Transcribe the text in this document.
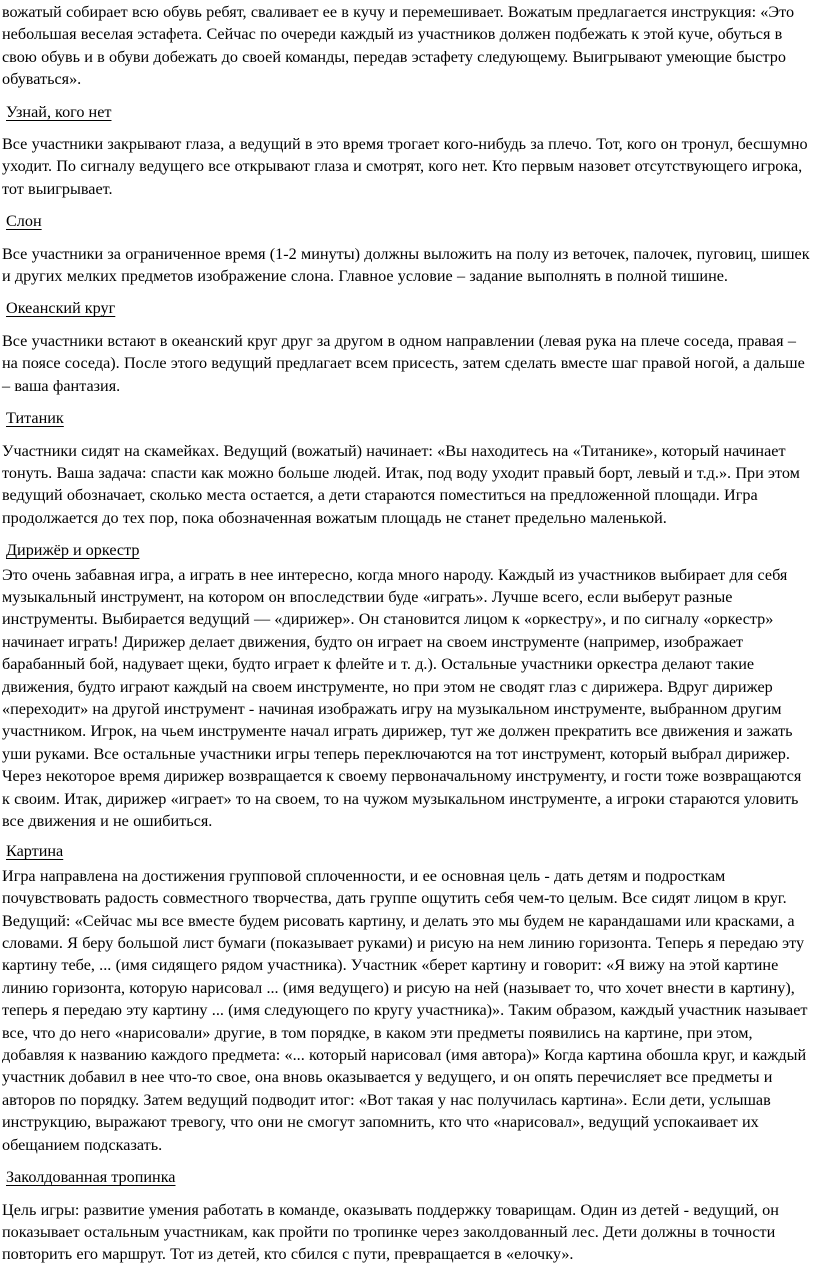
вожатый собирает всю обувь ребят, сваливает ее в кучу и перемешивает. Вожатым предлагается инструкция: «Это небольшая веселая эстафета. Сейчас по очереди каждый из участников должен подбежать к этой куче, обуться в свою обувь и в обуви добежать до своей команды, передав эстафету следующему. Выигрывают умеющие быстро обуваться».

Узнай, кого нет

Все участники закрывают глаза, а ведущий в это время трогает кого-нибудь за плечо. Тот, кого он тронул, бесшумно уходит. По сигналу ведущего все открывают глаза и смотрят, кого нет. Кто первым назовет отсутствующего игрока, тот выигрывает.

Слон

Все участники за ограниченное время (1-2 минуты) должны выложить на полу из веточек, палочек, пуговиц, шишек и других мелких предметов изображение слона. Главное условие – задание выполнять в полной тишине.

Океанский круг

Все участники встают в океанский круг друг за другом в одном направлении (левая рука на плече соседа, правая – на поясе соседа). После этого ведущий предлагает всем присесть, затем сделать вместе шаг правой ногой, а дальше – ваша фантазия.

Титаник

Участники сидят на скамейках. Ведущий (вожатый) начинает: «Вы находитесь на «Титанике», который начинает тонуть. Ваша задача: спасти как можно больше людей. Итак, под воду уходит правый борт, левый и т.д.». При этом ведущий обозначает, сколько места остается, а дети стараются поместиться на предложенной площади. Игра продолжается до тех пор, пока обозначенная вожатым площадь не станет предельно маленькой.

Дирижёр и оркестр

Это очень забавная игра, а играть в нее интересно, когда много народу. Каждый из участников выбирает для себя музыкальный инструмент, на котором он впоследствии буде «играть». Лучше всего, если выберут разные инструменты. Выбирается ведущий — «дирижер». Он становится лицом к «оркестру», и по сигналу «оркестр» начинает играть! Дирижер делает движения, будто он играет на своем инструменте (например, изображает барабанный бой, надувает щеки, будто играет к флейте и т. д.). Остальные участники оркестра делают такие движения, будто играют каждый на своем инструменте, но при этом не сводят глаз с дирижера. Вдруг дирижер «переходит» на другой инструмент - начиная изображать игру на музыкальном инструменте, выбранном другим участником. Игрок, на чьем инструменте начал играть дирижер, тут же должен прекратить все движения и зажать уши руками. Все остальные участники игры теперь переключаются на тот инструмент, который выбрал дирижер. Через некоторое время дирижер возвращается к своему первоначальному инструменту, и гости тоже возвращаются к своим. Итак, дирижер «играет» то на своем, то на чужом музыкальном инструменте, а игроки стараются уловить все движения и не ошибиться.

Картина

Игра направлена на достижения групповой сплоченности, и ее основная цель - дать детям и подросткам почувствовать радость совместного творчества, дать группе ощутить себя чем-то целым. Все сидят лицом в круг. Ведущий: «Сейчас мы все вместе будем рисовать картину, и делать это мы будем не карандашами или красками, а словами. Я беру большой лист бумаги (показывает руками) и рисую на нем линию горизонта. Теперь я передаю эту картину тебе, ... (имя сидящего рядом участника). Участник «берет картину и говорит: «Я вижу на этой картине линию горизонта, которую нарисовал ... (имя ведущего) и рисую на ней (называет то, что хочет внести в картину), теперь я передаю эту картину ... (имя следующего по кругу участника)». Таким образом, каждый участник называет все, что до него «нарисовали» другие, в том порядке, в каком эти предметы появились на картине, при этом, добавляя к названию каждого предмета: «... который нарисовал (имя автора)» Когда картина обошла круг, и каждый участник добавил в нее что-то свое, она вновь оказывается у ведущего, и он опять перечисляет все предметы и авторов по порядку. Затем ведущий подводит итог: «Вот такая у нас получилась картина». Если дети, услышав инструкцию, выражают тревогу, что они не смогут запомнить, кто что «нарисовал», ведущий успокаивает их обещанием подсказать.

Заколдованная тропинка

Цель игры: развитие умения работать в команде, оказывать поддержку товарищам. Один из детей - ведущий, он показывает остальным участникам, как пройти по тропинке через заколдованный лес. Дети должны в точности повторить его маршрут. Тот из детей, кто сбился с пути, превращается в «елочку».
